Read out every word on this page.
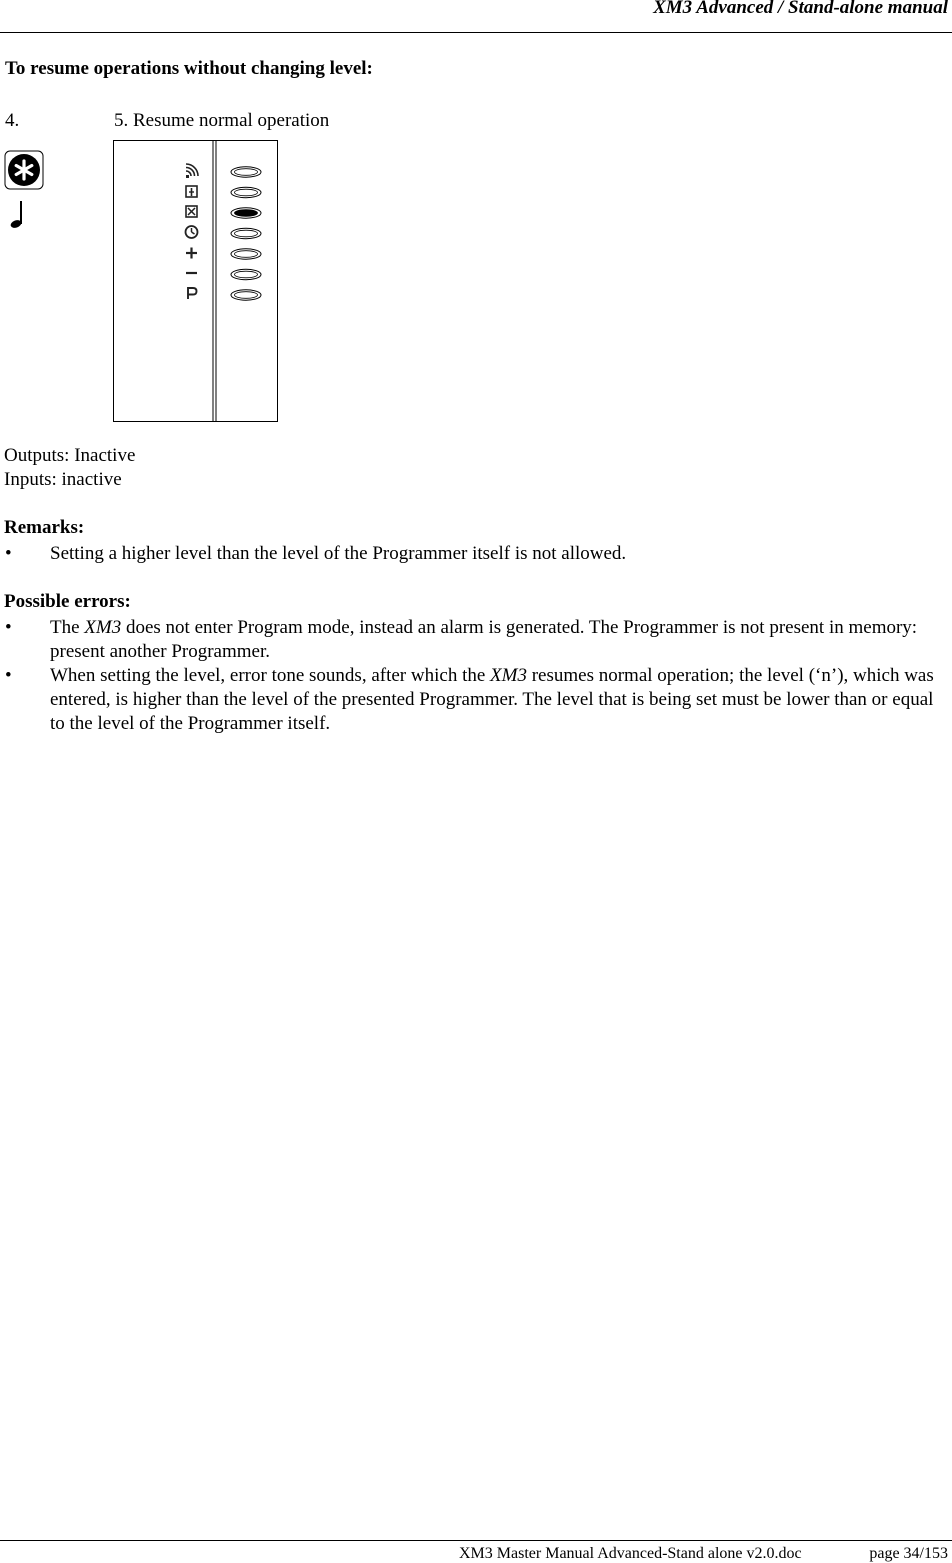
XM3 Advanced / Stand-alone manual
To resume operations without changing level:
4.	5. Resume normal operation
Outputs: Inactive
Inputs: inactive
Remarks:
• Setting a higher level than the level of the Programmer itself is not allowed.
Possible errors:
• The XM3 does not enter Program mode, instead an alarm is generated. The Programmer is not present in memory: present another Programmer.
• When setting the level, error tone sounds, after which the XM3 resumes normal operation; the level (‘n’), which was entered, is higher than the level of the presented Programmer. The level that is being set must be lower than or equal to the level of the Programmer itself.
XM3 Master Manual Advanced-Stand alone v2.0.doc	page 34/153
